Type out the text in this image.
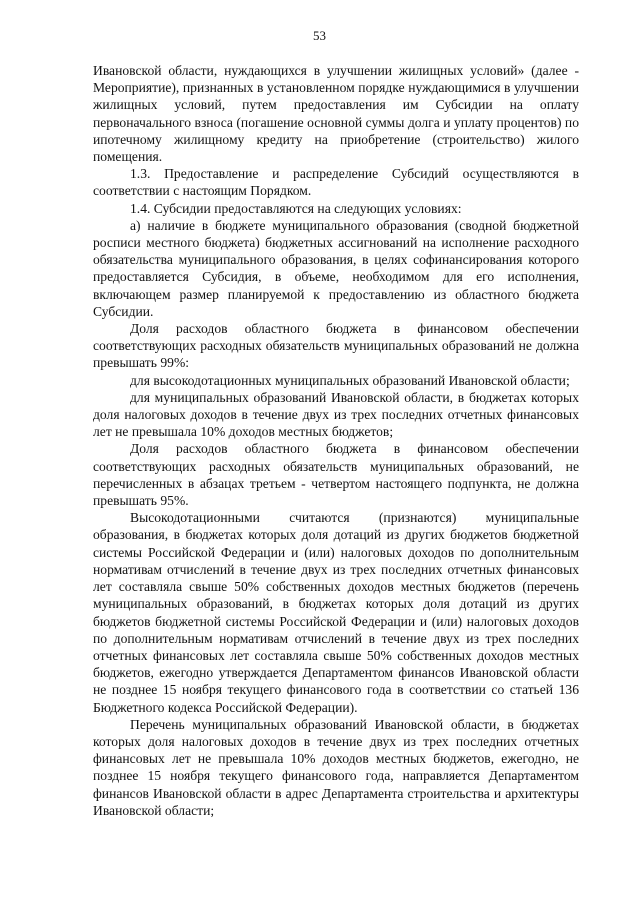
53

Ивановской области, нуждающихся в улучшении жилищных условий» (далее - Мероприятие), признанных в установленном порядке нуждающимися в улучшении жилищных условий, путем предоставления им Субсидии на оплату первоначального взноса (погашение основной суммы долга и уплату процентов) по ипотечному жилищному кредиту на приобретение (строительство) жилого помещения.

1.3. Предоставление и распределение Субсидий осуществляются в соответствии с настоящим Порядком.

1.4. Субсидии предоставляются на следующих условиях:

а) наличие в бюджете муниципального образования (сводной бюджетной росписи местного бюджета) бюджетных ассигнований на исполнение расходного обязательства муниципального образования, в целях софинансирования которого предоставляется Субсидия, в объеме, необходимом для его исполнения, включающем размер планируемой к предоставлению из областного бюджета Субсидии.

Доля расходов областного бюджета в финансовом обеспечении соответствующих расходных обязательств муниципальных образований не должна превышать 99%:

для высокодотационных муниципальных образований Ивановской области;

для муниципальных образований Ивановской области, в бюджетах которых доля налоговых доходов в течение двух из трех последних отчетных финансовых лет не превышала 10% доходов местных бюджетов;

Доля расходов областного бюджета в финансовом обеспечении соответствующих расходных обязательств муниципальных образований, не перечисленных в абзацах третьем - четвертом настоящего подпункта, не должна превышать 95%.

Высокодотационными считаются (признаются) муниципальные образования, в бюджетах которых доля дотаций из других бюджетов бюджетной системы Российской Федерации и (или) налоговых доходов по дополнительным нормативам отчислений в течение двух из трех последних отчетных финансовых лет составляла свыше 50% собственных доходов местных бюджетов (перечень муниципальных образований, в бюджетах которых доля дотаций из других бюджетов бюджетной системы Российской Федерации и (или) налоговых доходов по дополнительным нормативам отчислений в течение двух из трех последних отчетных финансовых лет составляла свыше 50% собственных доходов местных бюджетов, ежегодно утверждается Департаментом финансов Ивановской области не позднее 15 ноября текущего финансового года в соответствии со статьей 136 Бюджетного кодекса Российской Федерации).

Перечень муниципальных образований Ивановской области, в бюджетах которых доля налоговых доходов в течение двух из трех последних отчетных финансовых лет не превышала 10% доходов местных бюджетов, ежегодно, не позднее 15 ноября текущего финансового года, направляется Департаментом финансов Ивановской области в адрес Департамента строительства и архитектуры Ивановской области;
